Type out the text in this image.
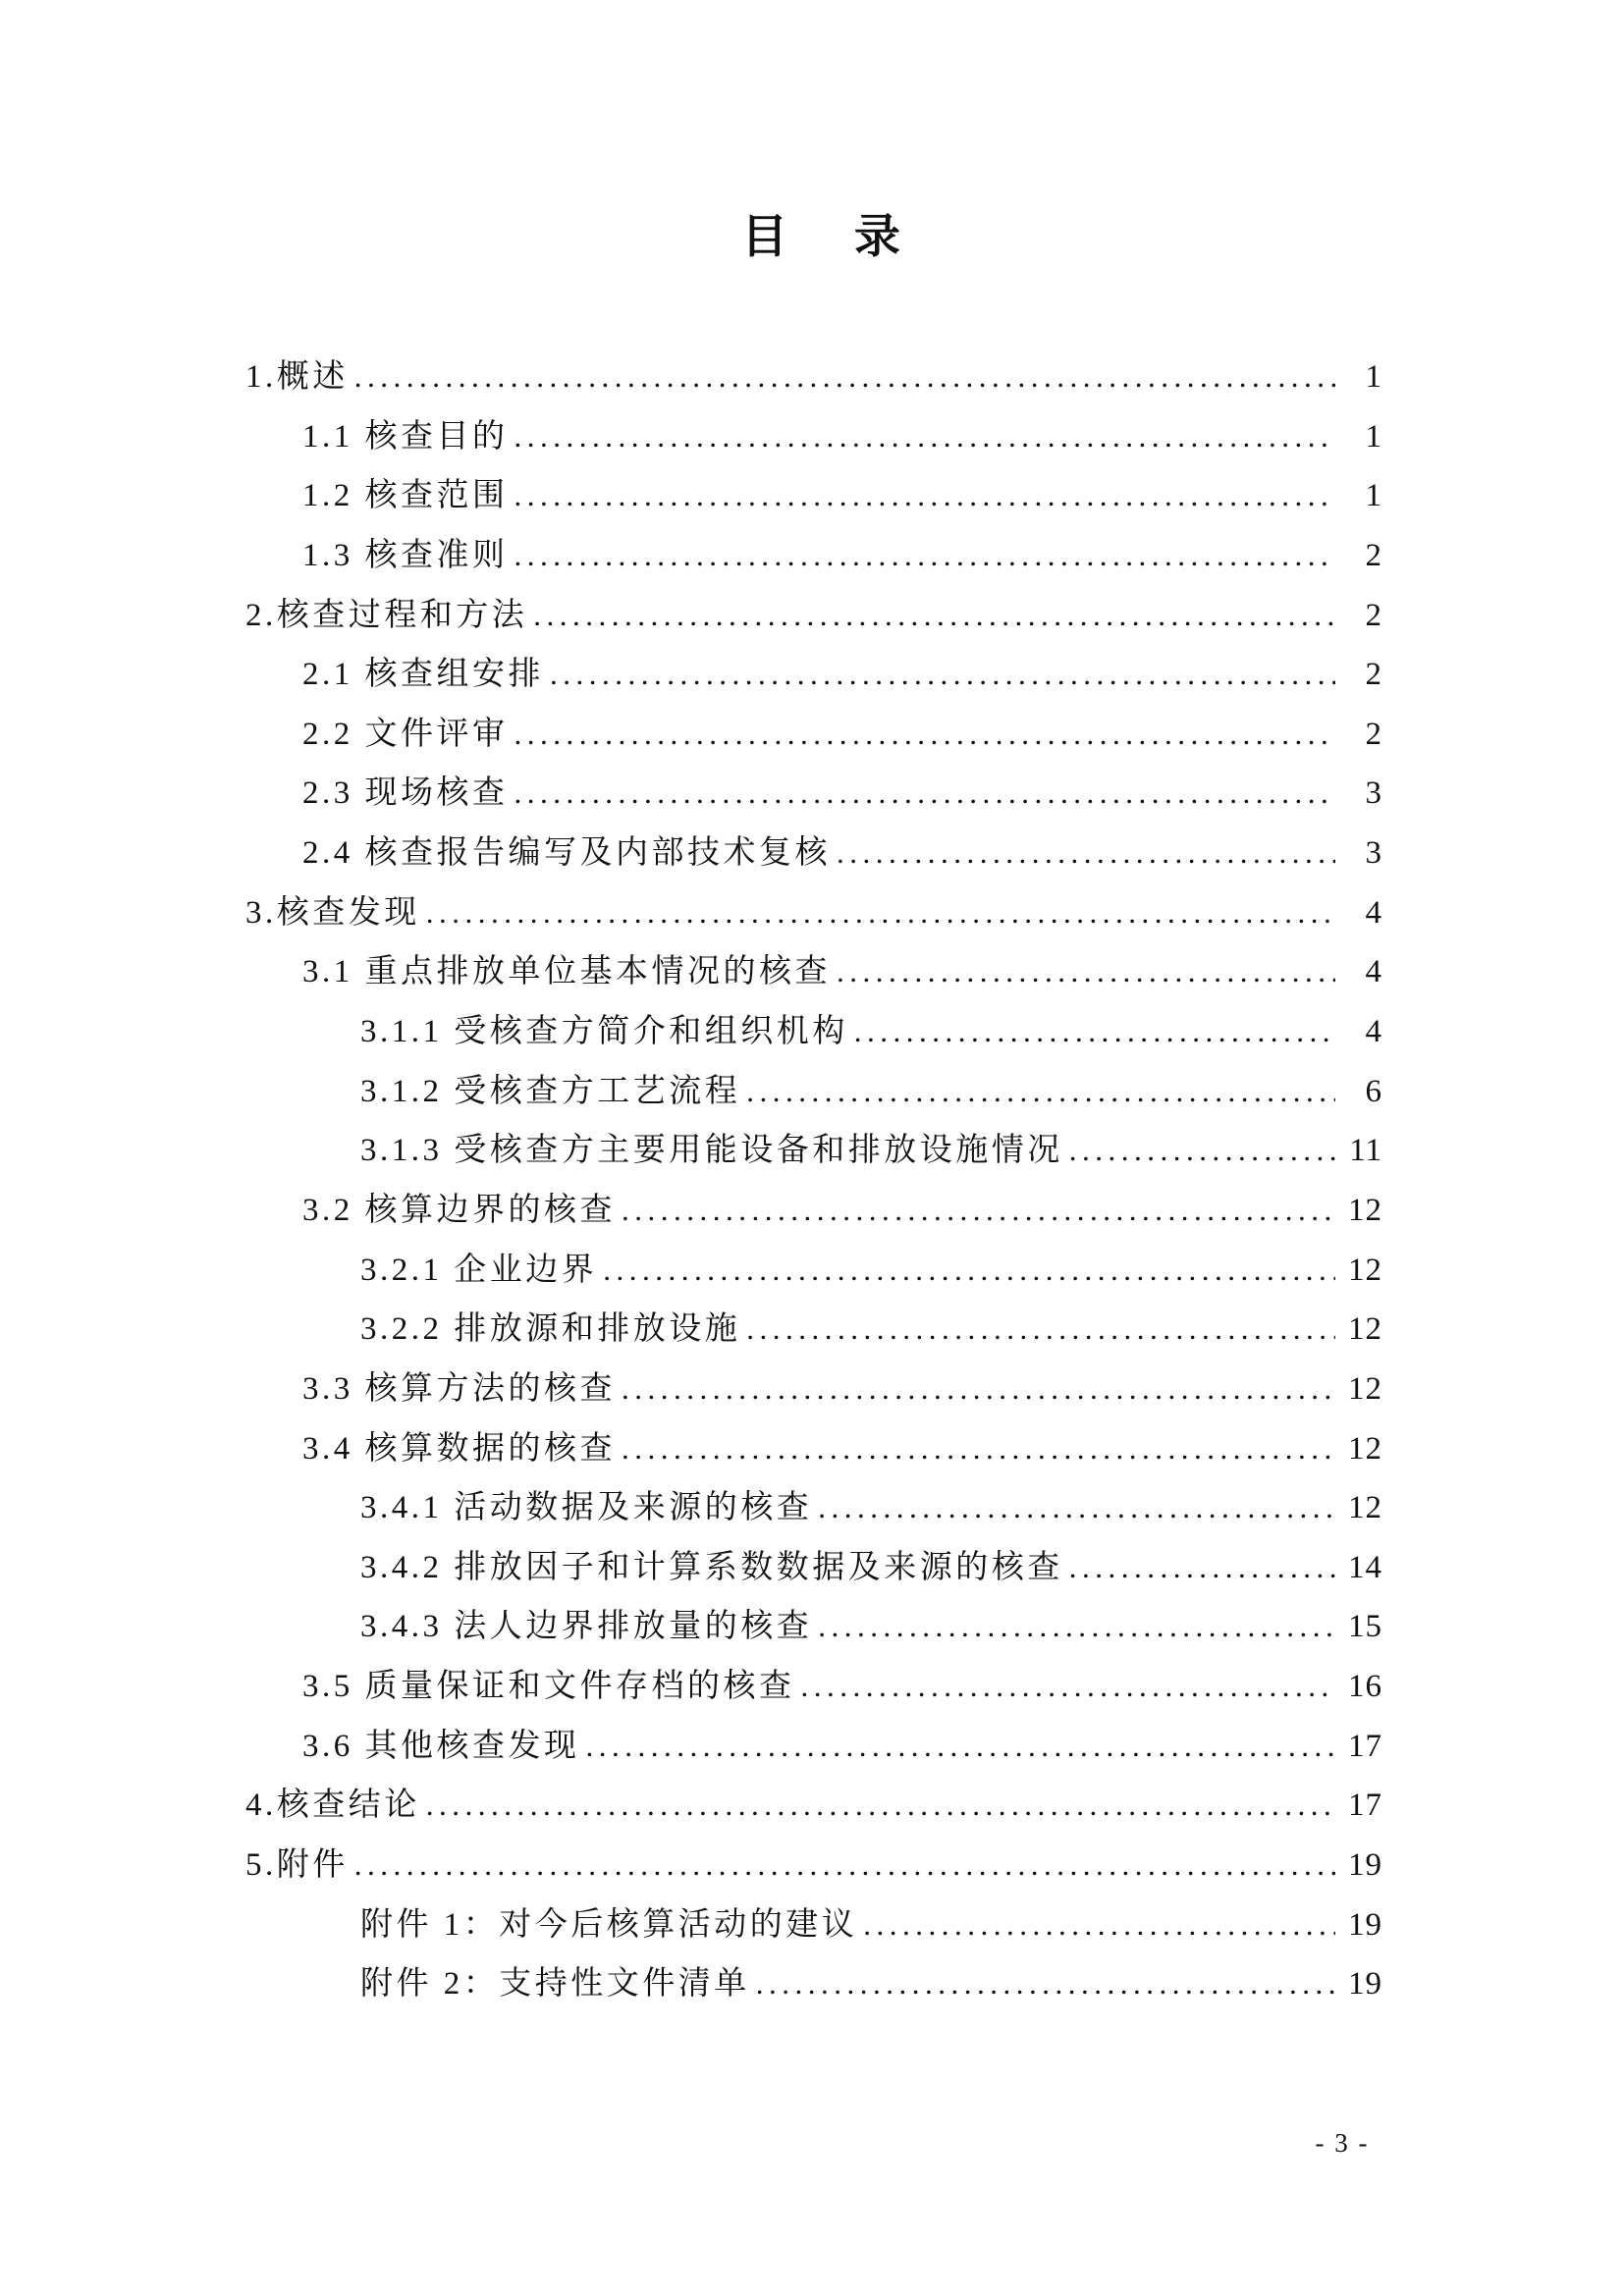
目 录
1.概述 .....	1
1.1 核查目的 .....	1
1.2 核查范围 .....	1
1.3 核查准则 .....	2
2.核查过程和方法 .....	2
2.1 核查组安排 .....	2
2.2 文件评审 .....	2
2.3 现场核查 .....	3
2.4 核查报告编写及内部技术复核 .....	3
3.核查发现 .....	4
3.1 重点排放单位基本情况的核查 .....	4
3.1.1 受核查方简介和组织机构 .....	4
3.1.2 受核查方工艺流程 .....	6
3.1.3 受核查方主要用能设备和排放设施情况 .....	11
3.2 核算边界的核查 .....	12
3.2.1 企业边界 .....	12
3.2.2 排放源和排放设施 .....	12
3.3 核算方法的核查 .....	12
3.4 核算数据的核查 .....	12
3.4.1 活动数据及来源的核查 .....	12
3.4.2 排放因子和计算系数数据及来源的核查 .....	14
3.4.3 法人边界排放量的核查 .....	15
3.5 质量保证和文件存档的核查 .....	16
3.6 其他核查发现 .....	17
4.核查结论 .....	17
5.附件 .....	19
附件 1：对今后核算活动的建议 .....	19
附件 2：支持性文件清单 .....	19
- 3 -
